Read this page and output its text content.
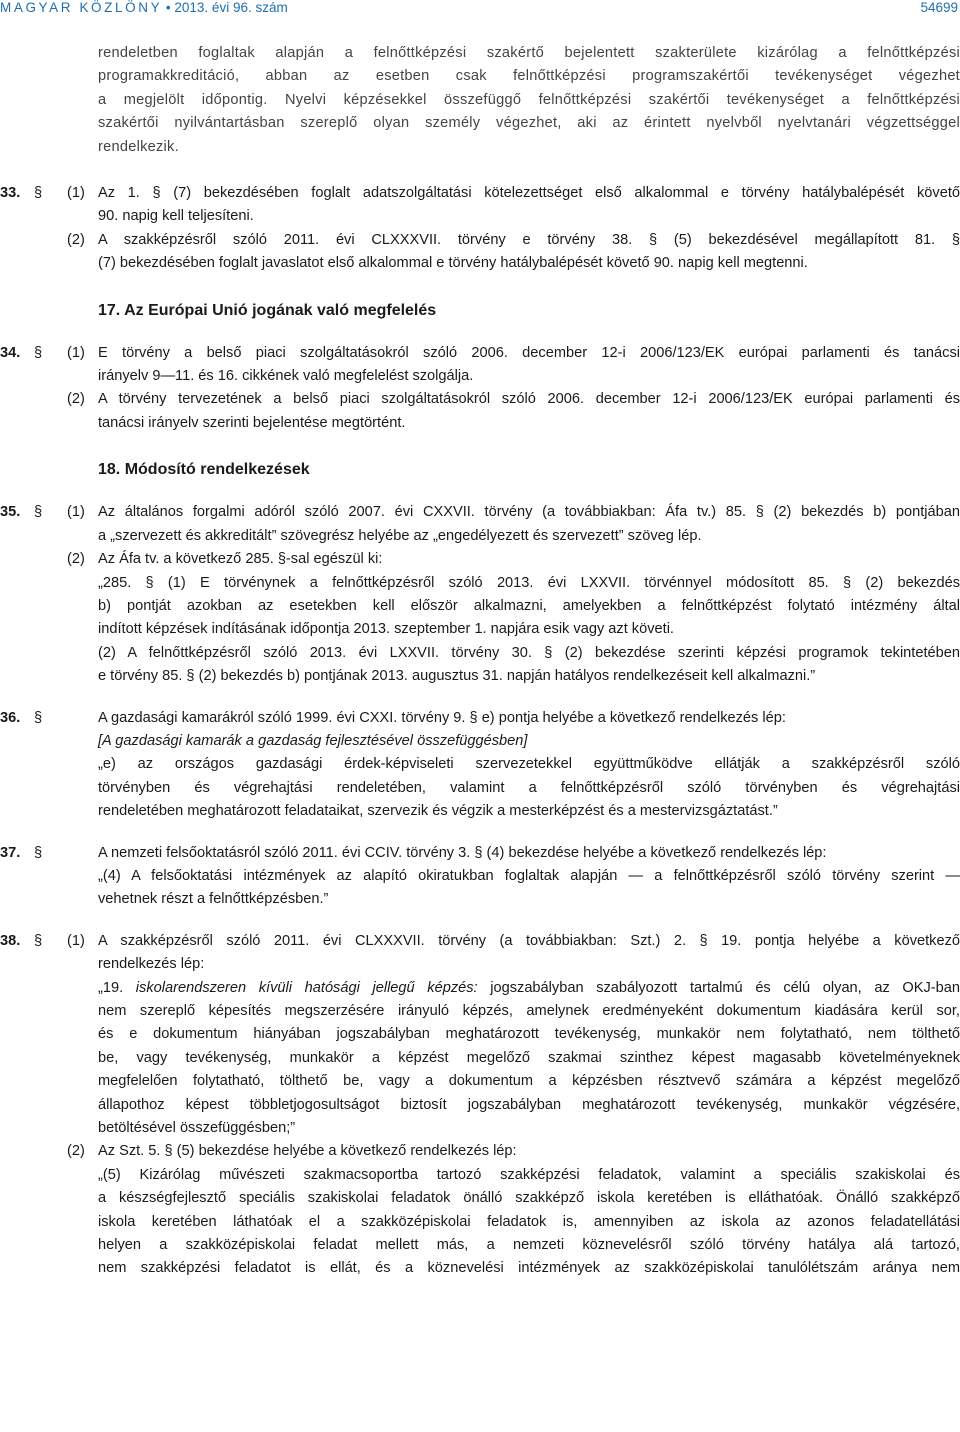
MAGYAR KÖZLÖNY • 2013. évi 96. szám	54699

rendeletben foglaltak alapján a felnőttképzési szakértő bejelentett szakterülete kizárólag a felnőttképzési

programakkreditáció, abban az esetben csak felnőttképzési programszakértői tevékenységet végezhet

a megjelölt időpontig. Nyelvi képzésekkel összefüggő felnőttképzési szakértői tevékenységet a felnőttképzési

szakértői nyilvántartásban szereplő olyan személy végezhet, aki az érintett nyelvből nyelvtanári végzettséggel

rendelkezik.

33. § (1) Az 1. § (7) bekezdésében foglalt adatszolgáltatási kötelezettséget első alkalommal e törvény hatálybalépését követő

90. napig kell teljesíteni.

(2) A szakképzésről szóló 2011. évi CLXXXVII. törvény e törvény 38. § (5) bekezdésével megállapított 81. §

(7) bekezdésében foglalt javaslatot első alkalommal e törvény hatálybalépését követő 90. napig kell megtenni.

17. Az Európai Unió jogának való megfelelés
34. § (1) E törvény a belső piaci szolgáltatásokról szóló 2006. december 12-i 2006/123/EK európai parlamenti és tanácsi

irányelv 9—11. és 16. cikkének való megfelelést szolgálja.

(2) A törvény tervezetének a belső piaci szolgáltatásokról szóló 2006. december 12-i 2006/123/EK európai parlamenti és

tanácsi irányelv szerinti bejelentése megtörtént.

18. Módosító rendelkezések
35. § (1) Az általános forgalmi adóról szóló 2007. évi CXXVII. törvény (a továbbiakban: Áfa tv.) 85. § (2) bekezdés b) pontjában

a „szervezett és akkreditált” szövegrész helyébe az „engedélyezett és szervezett” szöveg lép.

(2) Az Áfa tv. a következő 285. §-sal egészül ki:

„285. § (1) E törvénynek a felnőttképzésről szóló 2013. évi LXXVII. törvénnyel módosított 85. § (2) bekezdés

b) pontját azokban az esetekben kell először alkalmazni, amelyekben a felnőttképzést folytató intézmény által

indított képzések indításának időpontja 2013. szeptember 1. napjára esik vagy azt követi.

(2) A felnőttképzésről szóló 2013. évi LXXVII. törvény 30. § (2) bekezdése szerinti képzési programok tekintetében

e törvény 85. § (2) bekezdés b) pontjának 2013. augusztus 31. napján hatályos rendelkezéseit kell alkalmazni.”

36. §	A gazdasági kamarákról szóló 1999. évi CXXI. törvény 9. § e) pontja helyébe a következő rendelkezés lép:

[A gazdasági kamarák a gazdaság fejlesztésével összefüggésben]

„e) az országos gazdasági érdek-képviseleti szervezetekkel együttműködve ellátják a szakképzésről szóló

törvényben és végrehajtási rendeletében, valamint a felnőttképzésről szóló törvényben és végrehajtási

rendeletében meghatározott feladataikat, szervezik és végzik a mesterképzést és a mestervizsgáztatást.”

37. §	A nemzeti felsőoktatásról szóló 2011. évi CCIV. törvény 3. § (4) bekezdése helyébe a következő rendelkezés lép:

„(4) A felsőoktatási intézmények az alapító okiratukban foglaltak alapján — a felnőttképzésről szóló törvény szerint —

vehetnek részt a felnőttképzésben.”

38. § (1) A szakképzésről szóló 2011. évi CLXXXVII. törvény (a továbbiakban: Szt.) 2. § 19. pontja helyébe a következő

rendelkezés lép:

„19. iskolarendszeren kívüli hatósági jellegű képzés: jogszabályban szabályozott tartalmú és célú olyan, az OKJ-ban

nem szereplő képesítés megszerzésére irányuló képzés, amelynek eredményeként dokumentum kiadására kerül sor,

és e dokumentum hiányában jogszabályban meghatározott tevékenység, munkakör nem folytatható, nem tölthető

be, vagy tevékenység, munkakör a képzést megelőző szakmai szinthez képest magasabb követelményeknek

megfelelően folytatható, tölthető be, vagy a dokumentum a képzésben résztvevő számára a képzést megelőző

állapothoz képest többletjogosultságot biztosít jogszabályban meghatározott tevékenység, munkakör végzésére,

betöltésével összefüggésben;”

(2) Az Szt. 5. § (5) bekezdése helyébe a következő rendelkezés lép:

„(5) Kizárólag művészeti szakmacsoportba tartozó szakképzési feladatok, valamint a speciális szakiskolai és

a készségfejlesztő speciális szakiskolai feladatok önálló szakképző iskola keretében is elláthatóak. Önálló szakképző

iskola keretében láthatóak el a szakközépiskolai feladatok is, amennyiben az iskola az azonos feladatellátási

helyen a szakközépiskolai feladat mellett más, a nemzeti köznevelésről szóló törvény hatálya alá tartozó,

nem szakképzési feladatot is ellát, és a köznevelési intézmények az szakközépiskolai tanulólétszám aránya nem
